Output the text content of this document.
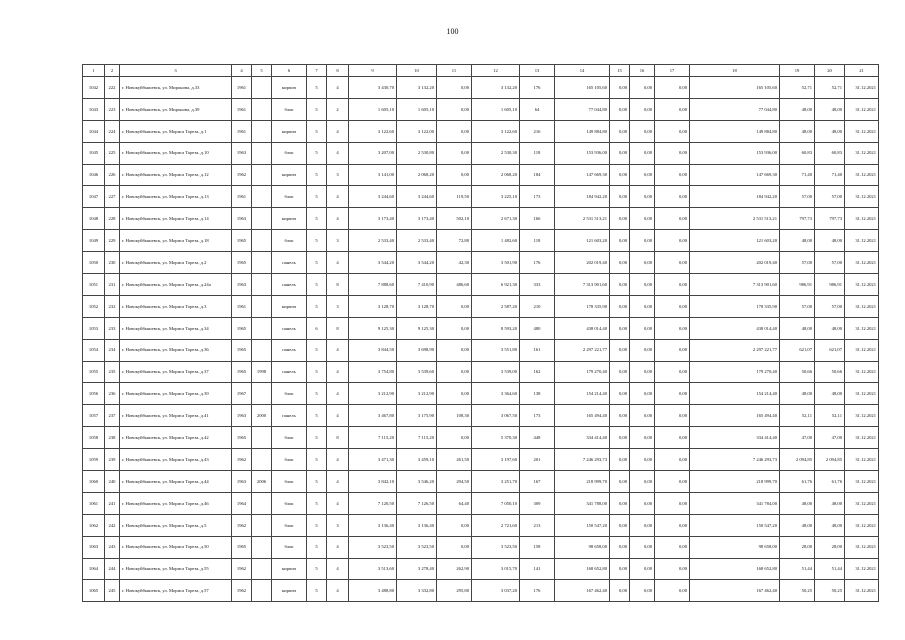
100
1	2	3	4	5	6	7	8	9	10	11	12	13	14	15	16	17	18	19	20	21
1042	222	г. Новокуйбышевск, ул. Миронова, д.33	1961		кирпич	5	4	3 430,70	3 132,20	0,00	3 132,20	176	165 105,60	0,00	0,00	0,00	165 105,60	52,71	52,71	31.12.2021
1043	223	г. Новокуйбышевск, ул. Миронова, д.39	1961		блок	5	2	1 605,10	1 605,10	0,00	1 605,10	64	77 044,80	0,00	0,00	0,00	77 044,80	48,00	48,00	31.12.2021
1044	224	г. Новокуйбышевск, ул. Мориса Тореза, д.1	1961		кирпич	5	4	3 122,60	3 122,00	0,00	3 122,60	216	149 884,80	0,00	0,00	0,00	149 884,80	48,00	48,00	31.12.2021
1045	225	г. Новокуйбышевск, ул. Мориса Тореза, д.10	1963		блок	5	4	3 207,00	2 530,80	0,00	2 530,30	118	153 936,00	0,00	0,00	0,00	153 936,00	60,83	60,83	31.12.2021
1046	226	г. Новокуйбышевск, ул. Мориса Тореза, д.12	1962		кирпич	5	3	3 141,00	2 068,20	0,00	2 068,20	184	147 669,30	0,00	0,00	0,00	147 669,30	71,40	71,40	31.12.2021
1047	227	г. Новокуйбышевск, ул. Мориса Тореза, д.13	1961		блок	5	4	3 244,60	3 244,60	119,50	3 225,10	173	184 942,20	0,00	0,00	0,00	184 942,20	57,00	57,00	31.12.2021
1048	228	г. Новокуйбышевск, ул. Мориса Тореза, д.14	1963		кирпич	5	4	3 173,40	3 173,40	502,10	2 671,30	166	2 531 513,21	0,00	0,00	0,00	2 531 513,21	797,73	797,73	31.12.2021
1049	229	г. Новокуйбышевск, ул. Мориса Тореза, д.18	1965		блок	5	3	2 533,40	2 533,40	72,80	1 482,60	118	121 603,20	0,00	0,00	0,00	121 603,20	48,00	48,00	31.12.2021
1050	230	г. Новокуйбышевск, ул. Мориса Тореза, д.2	1965		панель	5	4	3 544,20	3 544,20	42,30	3 501,90	176	202 019,40	0,00	0,00	0,00	202 019,40	57,00	57,00	31.12.2021
1051	231	г. Новокуйбышевск, ул. Мориса Тореза, д.24а	1963		панель	5	8	7 888,60	7 410,90	486,60	6 921,30	333	7 313 901,60	0,00	0,00	0,00	7 313 901,60	986,91	986,91	31.12.2021
1052	232	г. Новокуйбышевск, ул. Мориса Тореза, д.3	1961		кирпич	5	3	3 128,70	3 128,70	0,00	2 587,20	210	178 335,90	0,00	0,00	0,00	178 335,90	57,00	57,00	31.12.2021
1053	233	г. Новокуйбышевск, ул. Мориса Тореза, д.34	1965		панель	6	8	9 125,30	9 125,30	0,00	8 593,20	480	438 014,40	0,00	0,00	0,00	438 014,40	48,00	48,00	31.12.2021
1054	234	г. Новокуйбышевск, ул. Мориса Тореза, д.36	1965		панель	5	4	3 844,50	3 698,90	0,00	3 551,80	161	2 297 221,77	0,00	0,00	0,00	2 297 221,77	621,07	621,07	31.12.2021
1055	235	г. Новокуйбышевск, ул. Мориса Тореза, д.37	1965	1998	панель	5	4	3 754,80	3 539,60	0,00	3 539,00	162	179 270,40	0,00	0,00	0,00	179 270,40	50,66	50,66	31.12.2021
1056	236	г. Новокуйбышевск, ул. Мориса Тореза, д.39	1967		блок	5	4	3 212,90	3 212,90	0,00	3 364,60	138	154 214,40	0,00	0,00	0,00	154 214,40	48,00	48,00	31.12.2021
1057	237	г. Новокуйбышевск, ул. Мориса Тореза, д.41	1963	2000	панель	5	4	3 467,80	3 175,90	108,30	3 067,50	173	165 494,40	0,00	0,00	0,00	165 494,40	52,11	52,11	31.12.2021
1058	238	г. Новокуйбышевск, ул. Мориса Тореза, д.42	1965		блок	5	8	7 115,20	7 115,20	0,00	5 370,30	448	334 414,40	0,00	0,00	0,00	334 414,40	47,00	47,00	31.12.2021
1059	239	г. Новокуйбышевск, ул. Мориса Тореза, д.43	1962		блок	5	4	3 471,30	3 459,10	261,50	3 197,60	201	7 246 293,73	0,00	0,00	0,00	7 246 293,73	2 094,85	2 094,85	31.12.2021
1060	240	г. Новокуйбышевск, ул. Мориса Тореза, д.44	1963	2006	блок	5	4	3 842,10	3 546,20	294,50	3 251,70	167	218 999,70	0,00	0,00	0,00	218 999,70	61,76	61,76	31.12.2021
1061	241	г. Новокуйбышевск, ул. Мориса Тореза, д.46	1964		блок	5	4	7 120,50	7 126,50	64,40	7 050,10	309	341 788,00	0,00	0,00	0,00	341 784,00	48,00	48,00	31.12.2021
1062	242	г. Новокуйбышевск, ул. Мориса Тореза, д.5	1962		блок	5	3	3 136,40	3 136,40	0,00	2 721,60	213	150 547,20	0,00	0,00	0,00	150 547,20	48,00	48,00	31.12.2021
1063	243	г. Новокуйбышевск, ул. Мориса Тореза, д.50	1965		блок	5	4	3 523,50	3 523,50	0,00	3 523,50	158	98 658,00	0,00	0,00	0,00	98 658,00	28,00	28,00	31.12.2021
1064	244	г. Новокуйбышевск, ул. Мориса Тореза, д.55	1962		кирпич	5	4	3 513,60	3 278,40	262,90	3 015,70	141	168 652,80	0,00	0,00	0,00	168 652,80	51,44	51,44	31.12.2021
1065	245	г. Новокуйбышевск, ул. Мориса Тореза, д.57	1962		кирпич	5	4	3 488,80	3 332,80	295,80	3 037,20	176	167 462,40	0,00	0,00	0,00	167 462,40	50,25	50,25	31.12.2021
